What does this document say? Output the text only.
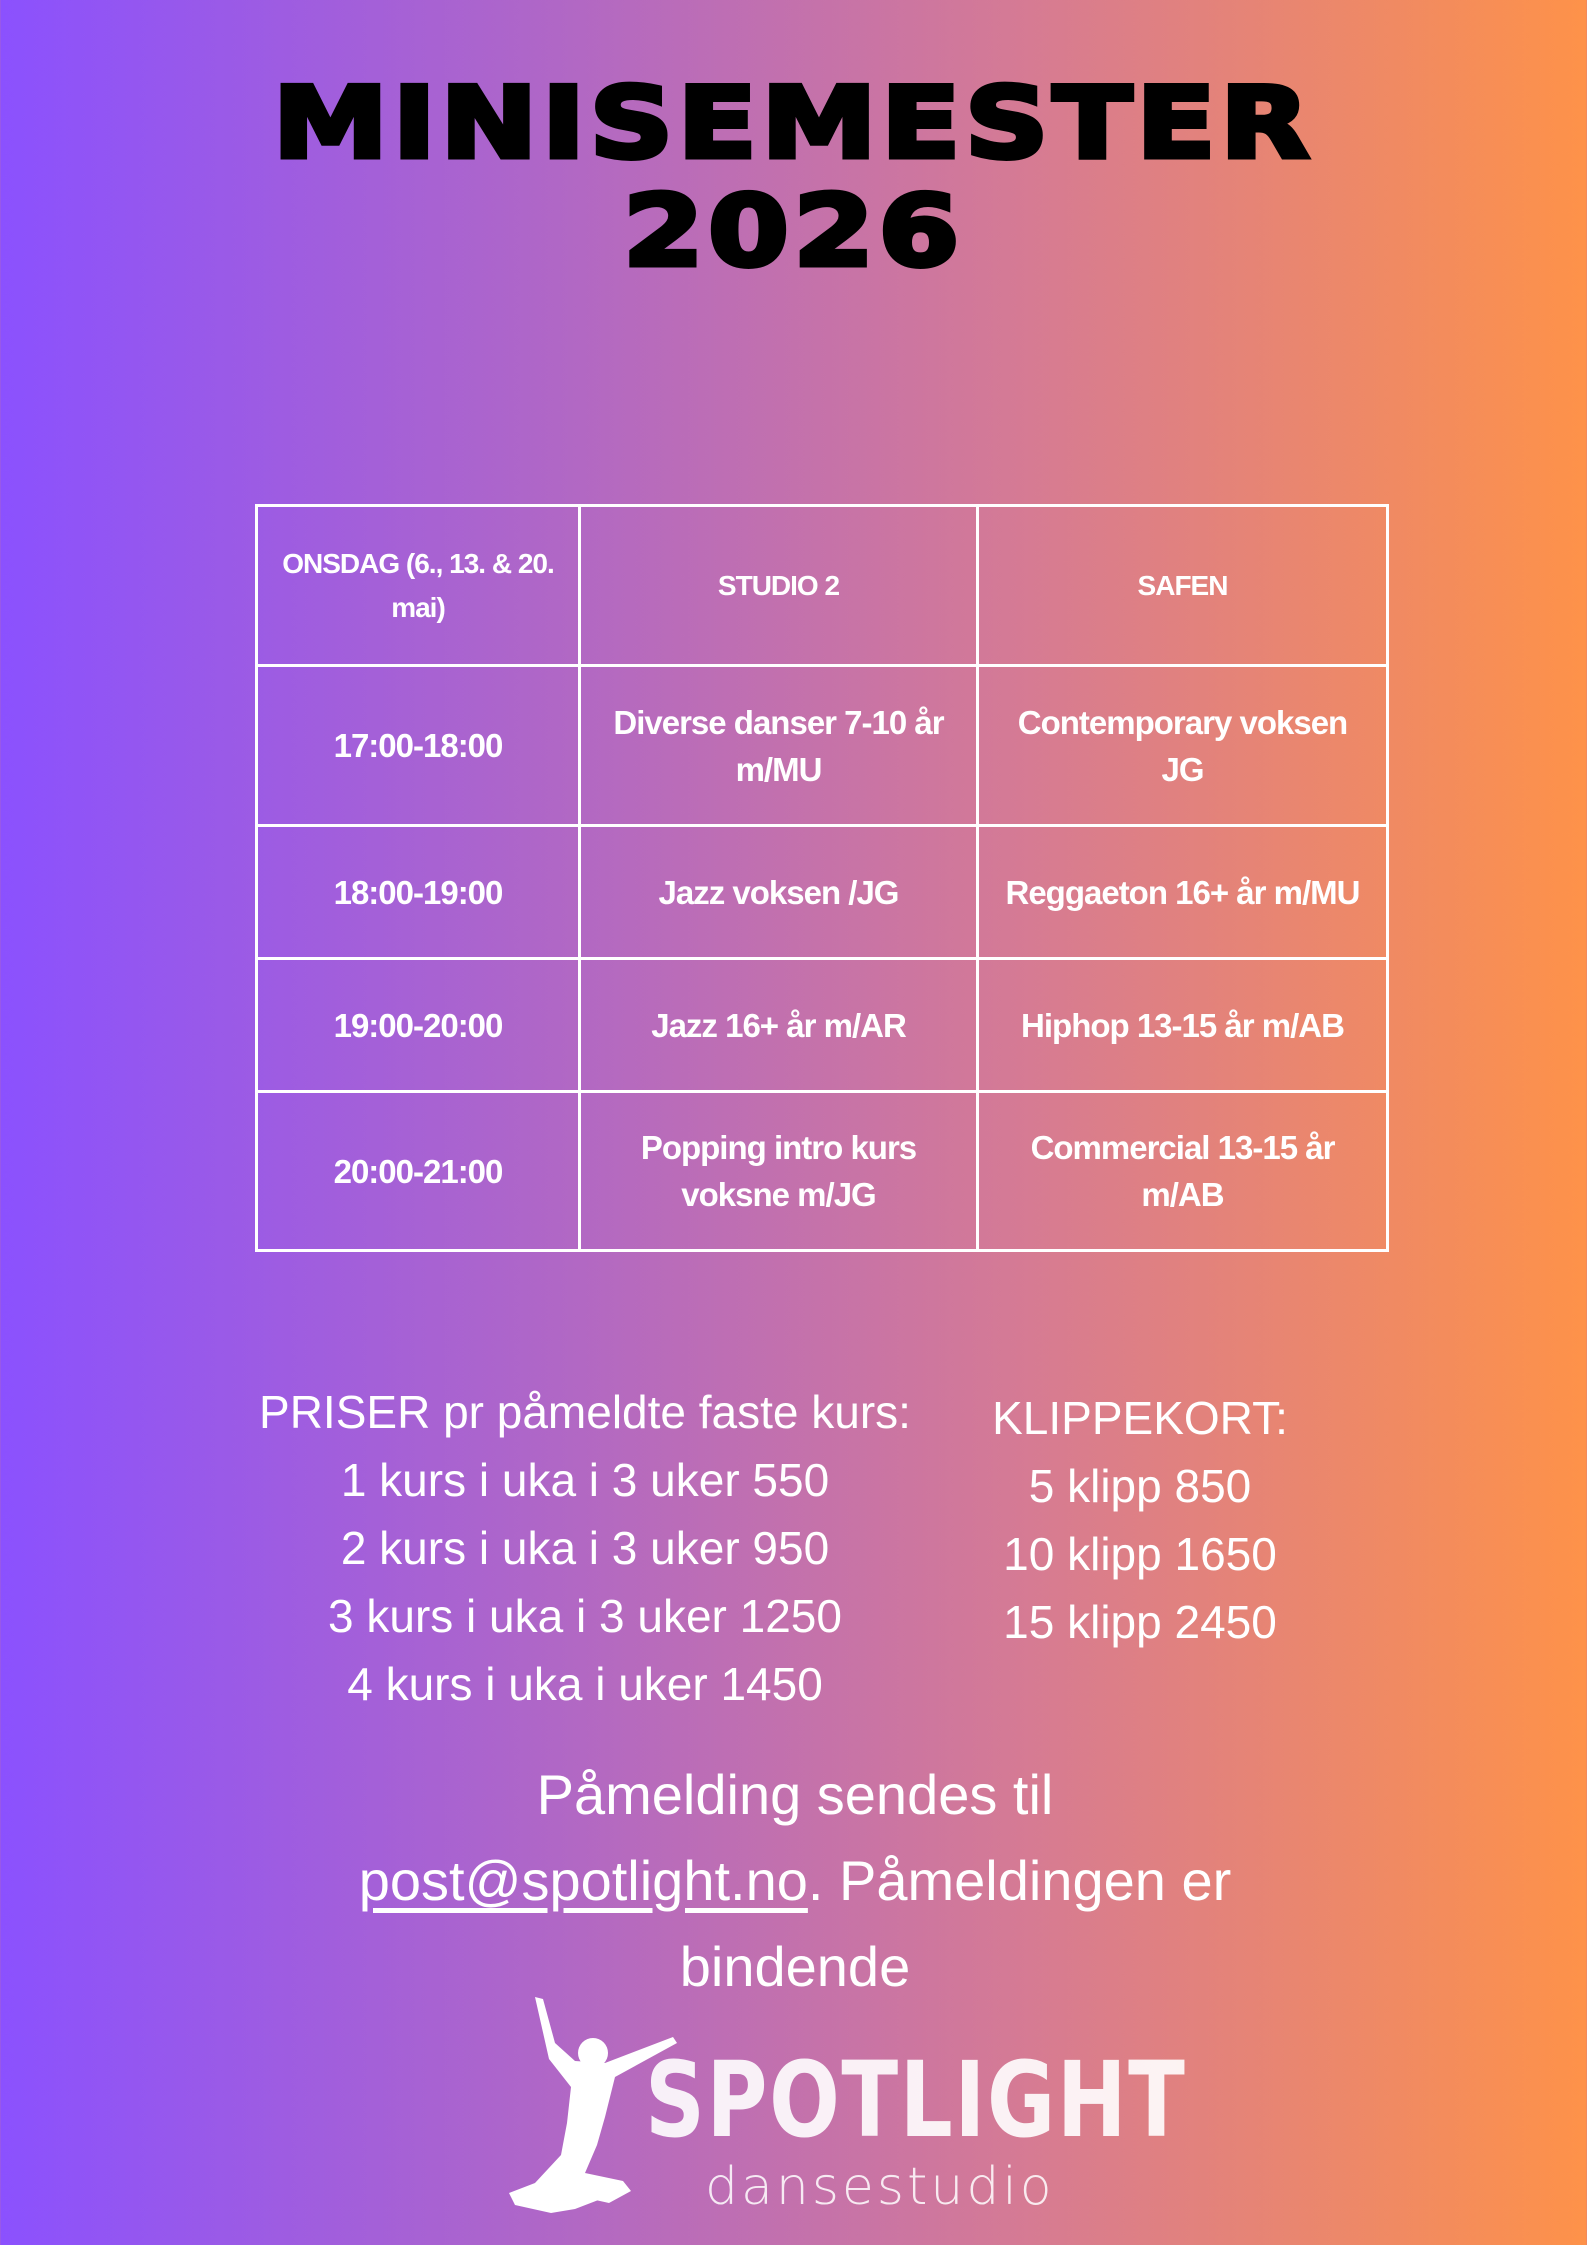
MINISEMESTER
2026
ONSDAG (6., 13. & 20. mai)	STUDIO 2	SAFEN
17:00-18:00	Diverse danser 7-10 år m/MU	Contemporary voksen JG
18:00-19:00	Jazz voksen /JG	Reggaeton 16+ år m/MU
19:00-20:00	Jazz 16+ år m/AR	Hiphop 13-15 år m/AB
20:00-21:00	Popping intro kurs voksne m/JG	Commercial 13-15 år m/AB
PRISER pr påmeldte faste kurs:
1 kurs i uka i 3 uker 550
2 kurs i uka i 3 uker 950
3 kurs i uka i 3 uker 1250
4 kurs i uka i uker 1450
KLIPPEKORT:
5 klipp 850
10 klipp 1650
15 klipp 2450
Påmelding sendes til
post@spotlight.no. Påmeldingen er
bindende
SPOTLIGHT
dansestudio
